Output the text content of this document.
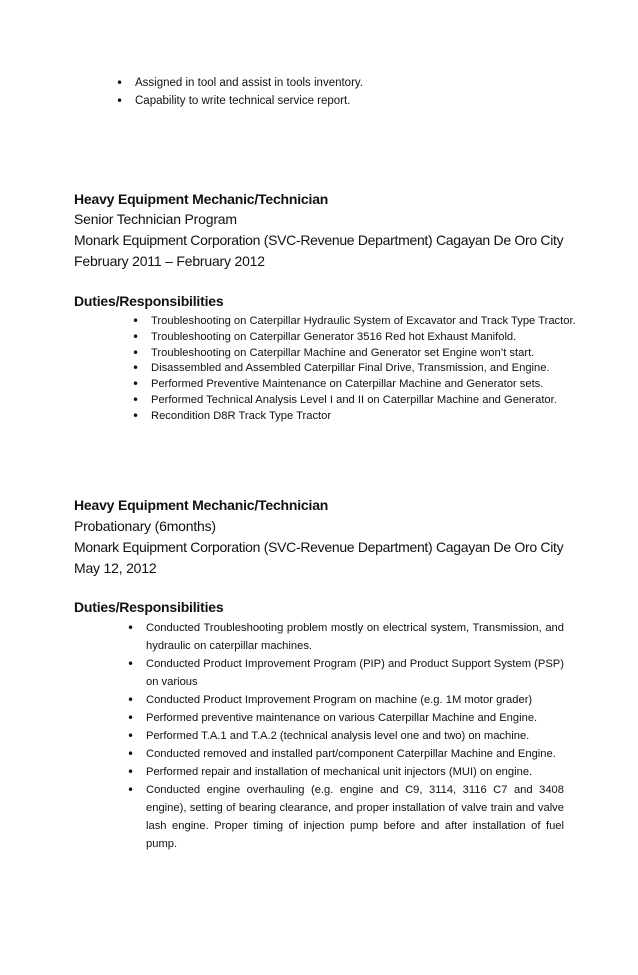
• Assigned in tool and assist in tools inventory.
• Capability to write technical service report.
Heavy Equipment Mechanic/Technician
Senior Technician Program
Monark Equipment Corporation (SVC-Revenue Department) Cagayan De Oro City
February 2011 – February 2012
Duties/Responsibilities
• Troubleshooting on Caterpillar Hydraulic System of Excavator and Track Type Tractor.
• Troubleshooting on Caterpillar Generator 3516 Red hot Exhaust Manifold.
• Troubleshooting on Caterpillar Machine and Generator set Engine won’t start.
• Disassembled and Assembled Caterpillar Final Drive, Transmission, and Engine.
• Performed Preventive Maintenance on Caterpillar Machine and Generator sets.
• Performed Technical Analysis Level I and II on Caterpillar Machine and Generator.
• Recondition D8R Track Type Tractor
Heavy Equipment Mechanic/Technician
Probationary (6months)
Monark Equipment Corporation (SVC-Revenue Department) Cagayan De Oro City
May 12, 2012
Duties/Responsibilities
• Conducted Troubleshooting problem mostly on electrical system, Transmission, and hydraulic on caterpillar machines.
• Conducted Product Improvement Program (PIP) and Product Support System (PSP) on various
• Conducted Product Improvement Program on machine (e.g. 1M motor grader)
• Performed preventive maintenance on various Caterpillar Machine and Engine.
• Performed T.A.1 and T.A.2 (technical analysis level one and two) on machine.
• Conducted removed and installed part/component Caterpillar Machine and Engine.
• Performed repair and installation of mechanical unit injectors (MUI) on engine.
• Conducted engine overhauling (e.g. engine and C9, 3114, 3116 C7 and 3408 engine), setting of bearing clearance, and proper installation of valve train and valve lash engine. Proper timing of injection pump before and after installation of fuel pump.
